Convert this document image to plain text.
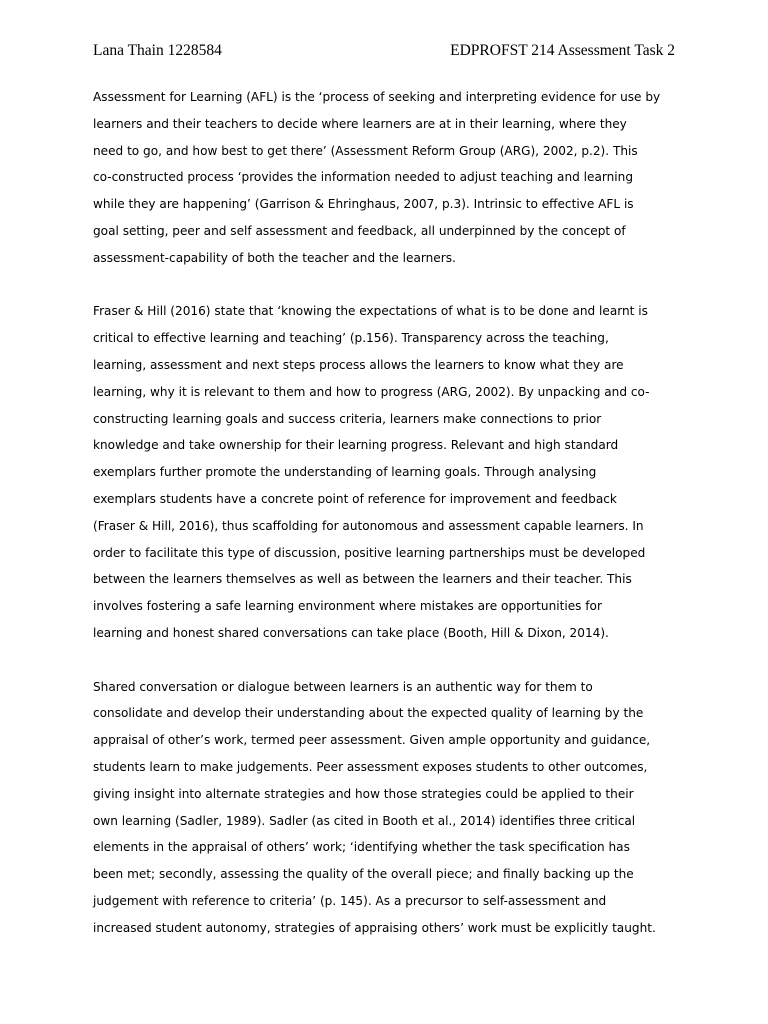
Lana Thain 1228584	EDPROFST 214 Assessment Task 2
Assessment for Learning (AFL) is the ‘process of seeking and interpreting evidence for use by
learners and their teachers to decide where learners are at in their learning, where they
need to go, and how best to get there’ (Assessment Reform Group (ARG), 2002, p.2). This
co-constructed process ‘provides the information needed to adjust teaching and learning
while they are happening’ (Garrison & Ehringhaus, 2007, p.3). Intrinsic to effective AFL is
goal setting, peer and self assessment and feedback, all underpinned by the concept of
assessment-capability of both the teacher and the learners.
Fraser & Hill (2016) state that ‘knowing the expectations of what is to be done and learnt is
critical to effective learning and teaching’ (p.156). Transparency across the teaching,
learning, assessment and next steps process allows the learners to know what they are
learning, why it is relevant to them and how to progress (ARG, 2002). By unpacking and co-
constructing learning goals and success criteria, learners make connections to prior
knowledge and take ownership for their learning progress. Relevant and high standard
exemplars further promote the understanding of learning goals. Through analysing
exemplars students have a concrete point of reference for improvement and feedback
(Fraser & Hill, 2016), thus scaffolding for autonomous and assessment capable learners. In
order to facilitate this type of discussion, positive learning partnerships must be developed
between the learners themselves as well as between the learners and their teacher. This
involves fostering a safe learning environment where mistakes are opportunities for
learning and honest shared conversations can take place (Booth, Hill & Dixon, 2014).
Shared conversation or dialogue between learners is an authentic way for them to
consolidate and develop their understanding about the expected quality of learning by the
appraisal of other’s work, termed peer assessment. Given ample opportunity and guidance,
students learn to make judgements. Peer assessment exposes students to other outcomes,
giving insight into alternate strategies and how those strategies could be applied to their
own learning (Sadler, 1989). Sadler (as cited in Booth et al., 2014) identifies three critical
elements in the appraisal of others’ work; ‘identifying whether the task specification has
been met; secondly, assessing the quality of the overall piece; and finally backing up the
judgement with reference to criteria’ (p. 145). As a precursor to self-assessment and
increased student autonomy, strategies of appraising others’ work must be explicitly taught.
